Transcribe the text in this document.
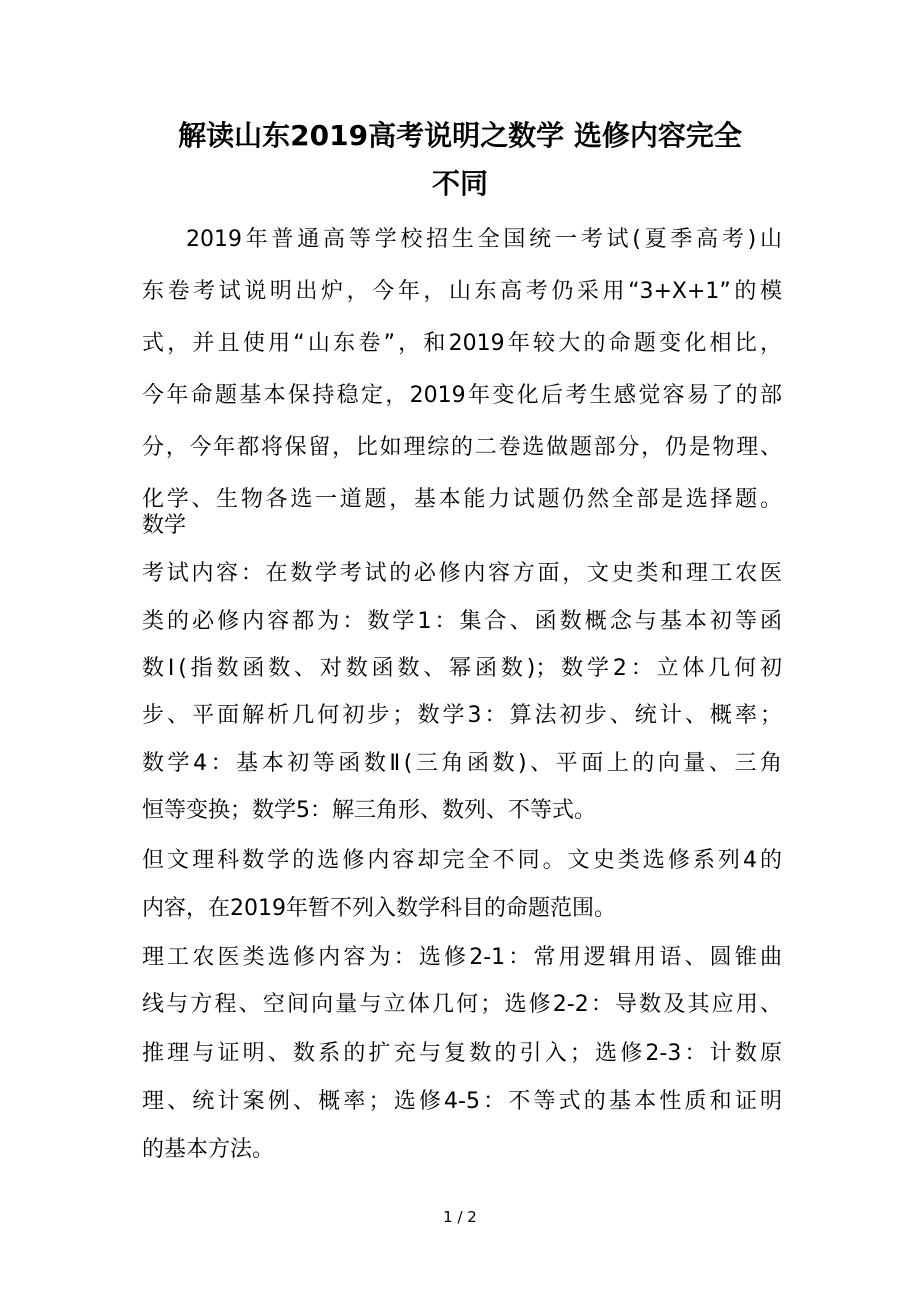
解读山东2019高考说明之数学 选修内容完全
不同
2019年普通高等学校招生全国统一考试(夏季高考)山
东卷考试说明出炉，今年，山东高考仍采用“3+X+1”的模
式，并且使用“山东卷”，和2019年较大的命题变化相比，
今年命题基本保持稳定，2019年变化后考生感觉容易了的部
分，今年都将保留，比如理综的二卷选做题部分，仍是物理、
化学、生物各选一道题，基本能力试题仍然全部是选择题。
数学
考试内容：在数学考试的必修内容方面，文史类和理工农医
类的必修内容都为：数学1：集合、函数概念与基本初等函
数Ⅰ(指数函数、对数函数、幂函数)；数学2：立体几何初
步、平面解析几何初步；数学3：算法初步、统计、概率；
数学4：基本初等函数Ⅱ(三角函数)、平面上的向量、三角
恒等变换；数学5：解三角形、数列、不等式。
但文理科数学的选修内容却完全不同。文史类选修系列4的
内容，在2019年暂不列入数学科目的命题范围。
理工农医类选修内容为：选修2-1：常用逻辑用语、圆锥曲
线与方程、空间向量与立体几何；选修2-2：导数及其应用、
推理与证明、数系的扩充与复数的引入；选修2-3：计数原
理、统计案例、概率；选修4-5：不等式的基本性质和证明
的基本方法。
1 / 2
